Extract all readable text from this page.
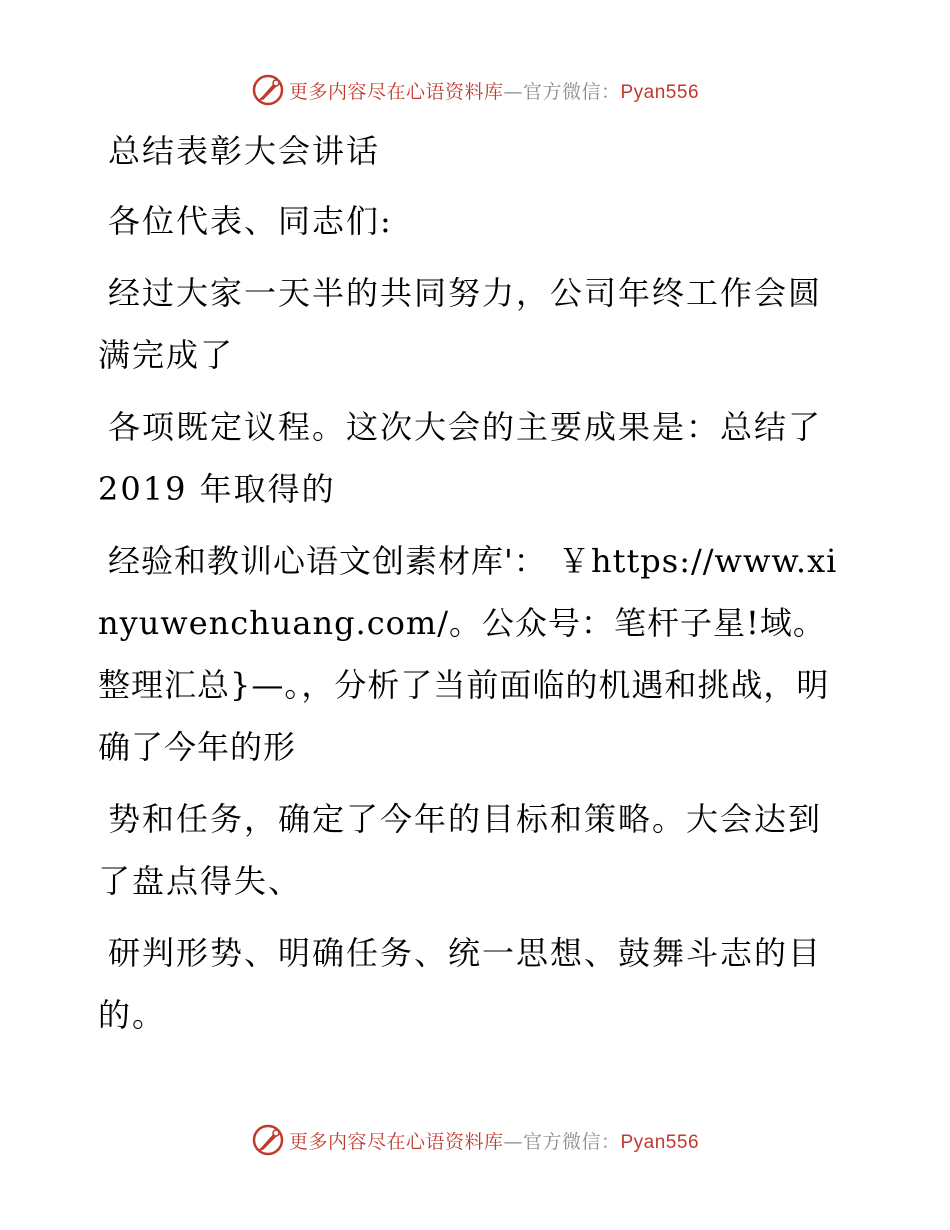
更多内容尽在心语资料库—官方微信：Pyan556

总结表彰大会讲话

各位代表、同志们:

经过大家一天半的共同努力，公司年终工作会圆满完成了

各项既定议程。这次大会的主要成果是：总结了2019 年取得的

经验和教训心语文创素材库'： ￥https://www.xinyuwenchuang.com/。公众号：笔杆子星!域。整理汇总}—。，分析了当前面临的机遇和挑战，明确了今年的形

势和任务，确定了今年的目标和策略。大会达到了盘点得失、

研判形势、明确任务、统一思想、鼓舞斗志的目的。

更多内容尽在心语资料库—官方微信：Pyan556
